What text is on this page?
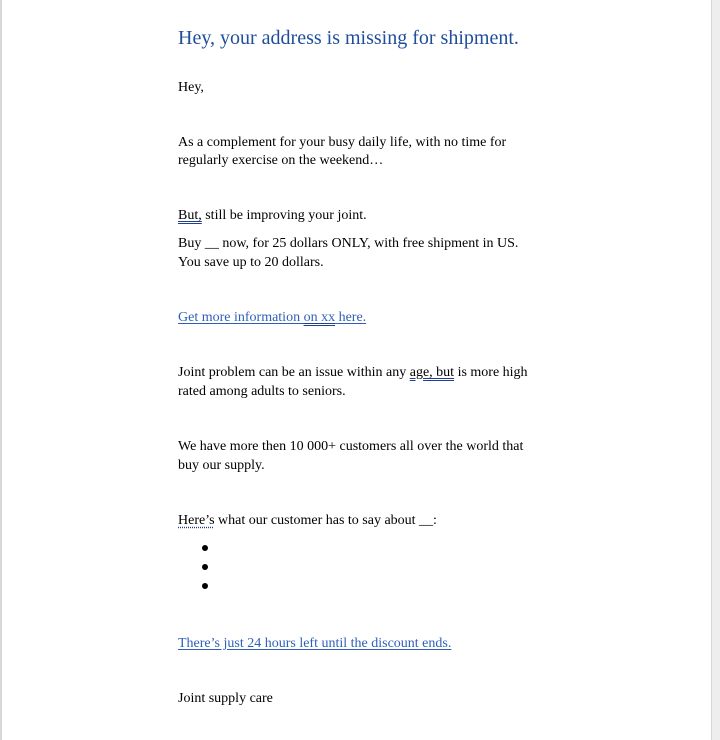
Hey, your address is missing for shipment.
Hey,
As a complement for your busy daily life, with no time for
regularly exercise on the weekend…
But, still be improving your joint.
Buy __ now, for 25 dollars ONLY, with free shipment in US.
You save up to 20 dollars.
Get more information on xx here.
Joint problem can be an issue within any age, but is more high
rated among adults to seniors.
We have more then 10 000+ customers all over the world that
buy our supply.
Here’s what our customer has to say about __:
There’s just 24 hours left until the discount ends.
Joint supply care
